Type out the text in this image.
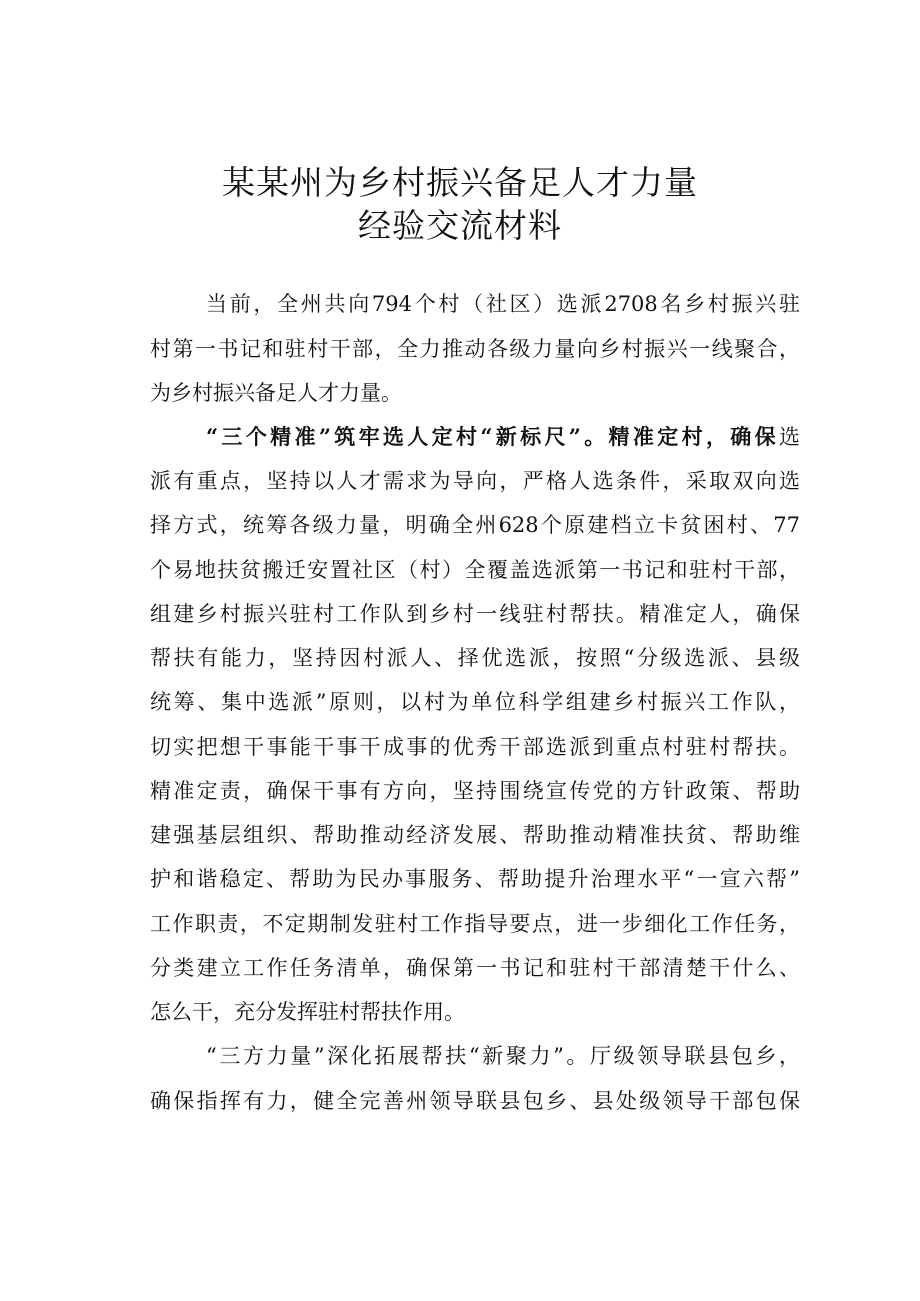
某某州为乡村振兴备足人才力量
经验交流材料
当前，全州共向794个村（社区）选派2708名乡村振兴驻
村第一书记和驻村干部，全力推动各级力量向乡村振兴一线聚合，
为乡村振兴备足人才力量。
“三个精准”筑牢选人定村“新标尺”。精准定村，确保选
派有重点，坚持以人才需求为导向，严格人选条件，采取双向选
择方式，统筹各级力量，明确全州628个原建档立卡贫困村、77
个易地扶贫搬迁安置社区（村）全覆盖选派第一书记和驻村干部，
组建乡村振兴驻村工作队到乡村一线驻村帮扶。精准定人，确保
帮扶有能力，坚持因村派人、择优选派，按照“分级选派、县级
统筹、集中选派”原则，以村为单位科学组建乡村振兴工作队，
切实把想干事能干事干成事的优秀干部选派到重点村驻村帮扶。
精准定责，确保干事有方向，坚持围绕宣传党的方针政策、帮助
建强基层组织、帮助推动经济发展、帮助推动精准扶贫、帮助维
护和谐稳定、帮助为民办事服务、帮助提升治理水平“一宣六帮”
工作职责，不定期制发驻村工作指导要点，进一步细化工作任务，
分类建立工作任务清单，确保第一书记和驻村干部清楚干什么、
怎么干，充分发挥驻村帮扶作用。
“三方力量”深化拓展帮扶“新聚力”。厅级领导联县包乡，
确保指挥有力，健全完善州领导联县包乡、县处级领导干部包保
